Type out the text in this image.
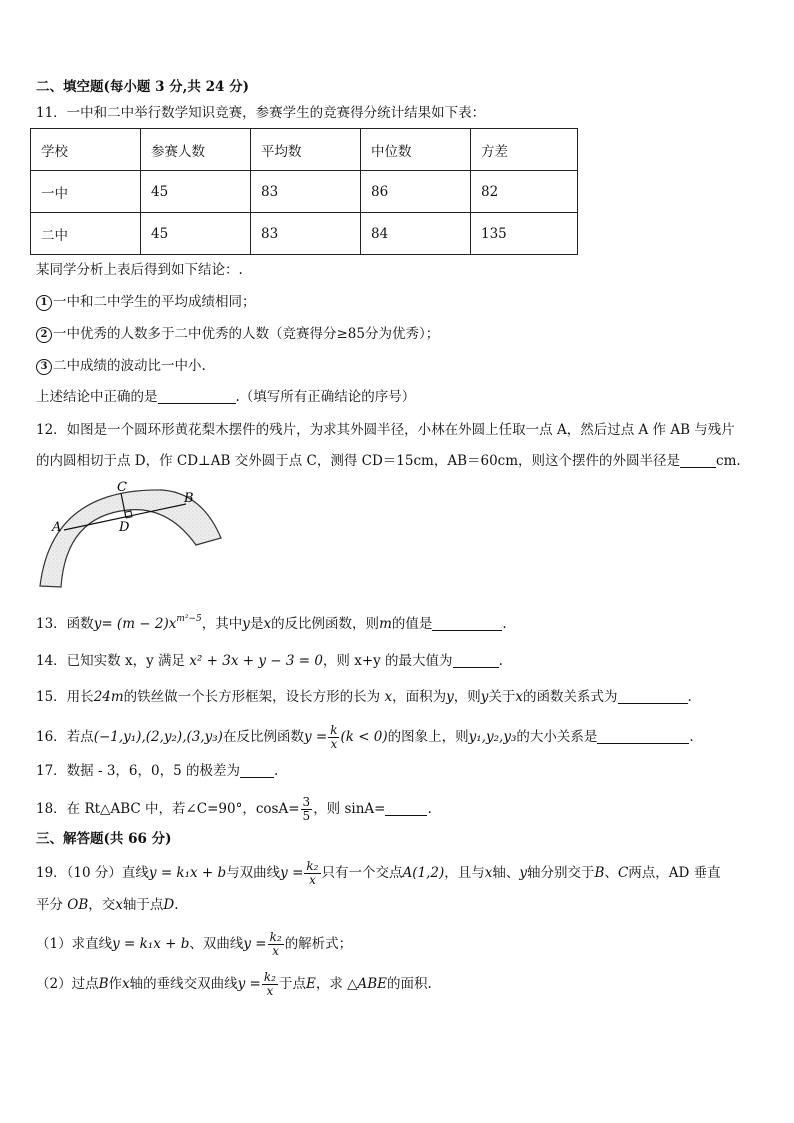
二、填空题(每小题 3 分,共 24 分)
11．一中和二中举行数学知识竞赛，参赛学生的竞赛得分统计结果如下表：
学校	参赛人数	平均数	中位数	方差
一中	45	83	86	82
二中	45	83	84	135
某同学分析上表后得到如下结论：.
1 一中和二中学生的平均成绩相同；
2 一中优秀的人数多于二中优秀的人数（竞赛得分≥85分为优秀）；
3 二中成绩的波动比一中小.
上述结论中正确的是	.（填写所有正确结论的序号）
12．如图是一个圆环形黄花梨木摆件的残片，为求其外圆半径，小林在外圆上任取一点 A，然后过点 A 作 AB 与残片
的内圆相切于点 D，作 CD⊥AB 交外圆于点 C，测得 CD＝15cm，AB＝60cm，则这个摆件的外圆半径是	cm.
A
B
C
D
13．函数$y= (m - 2)x^{m^2-5}$，其中y是x的反比例函数，则m的值是	.
14．已知实数 x，y 满足 x² + 3x + y − 3 = 0，则 x+y 的最大值为	.
15．用长24m的铁丝做一个长方形框架，设长方形的长为 x，面积为y，则y关于x的函数关系式为	.
16．若点(−1,y₁),(2,y₂),(3,y₃)在反比例函数$y = \frac{k}{x} (k < 0)$的图象上，则y₁,y₂,y₃的大小关系是	.
17．数据 - 3，6，0，5 的极差为	.
18．在 Rt△ABC 中，若∠C=90°，$\cos A= \frac{3}{5}$ ，则 sinA=	.
三、解答题(共 66 分)
19．（10 分）直线y = k₁x + b与双曲线$y = \frac{\text{k₂}}{x}$ 只有一个交点A(1,2)，且与x轴、y轴分别交于B、C两点，AD 垂直
平分 OB，交x轴于点D.
（1）求直线y = k₁x + b、双曲线$y = \frac{\text{k₂}}{x}$ 的解析式；
（2）过点B作x轴的垂线交双曲线$y = \frac{\text{k₂}}{x}$ 于点E，求 △ABE的面积.
